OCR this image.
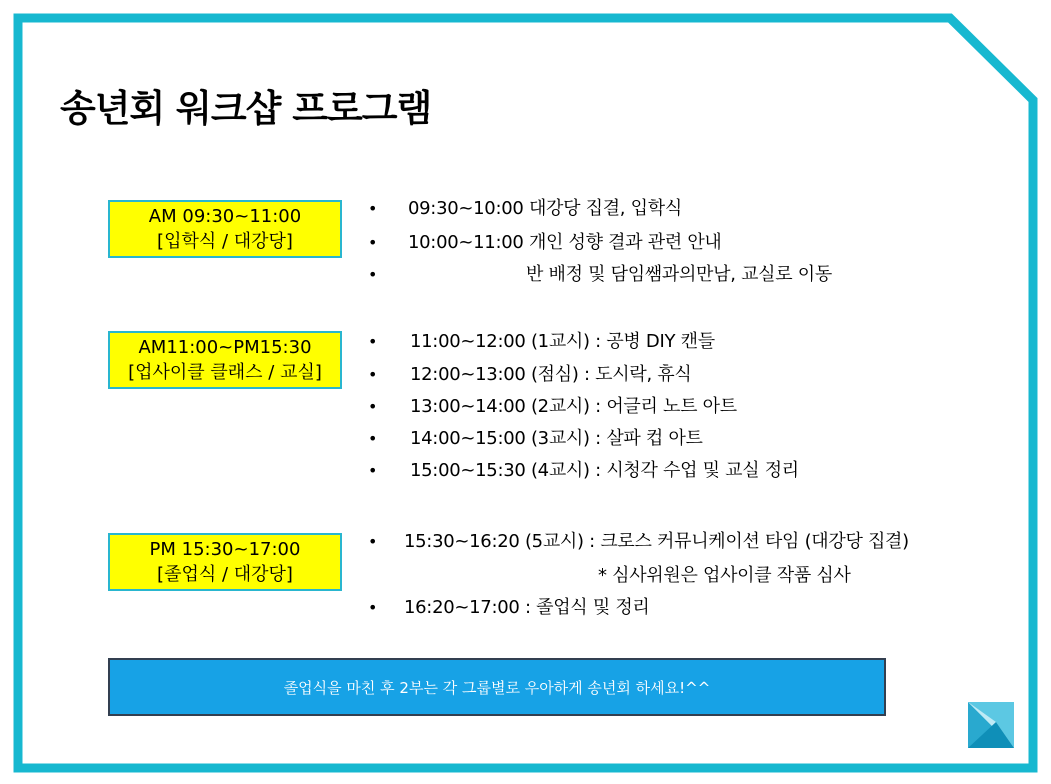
송년회 워크샵 프로그램
AM 09:30~11:00
[입학식 / 대강당]
• 09:30~10:00 대강당 집결, 입학식
• 10:00~11:00 개인 성향 결과 관련 안내
•	반 배정 및 담임쌤과의만남, 교실로 이동
AM11:00~PM15:30
[업사이클 클래스 / 교실]
• 11:00~12:00 (1교시) : 공병 DIY 캔들
• 12:00~13:00 (점심) : 도시락, 휴식
• 13:00~14:00 (2교시) : 어글리 노트 아트
• 14:00~15:00 (3교시) : 살파 컵 아트
• 15:00~15:30 (4교시) : 시청각 수업 및 교실 정리
PM 15:30~17:00
[졸업식 / 대강당]
• 15:30~16:20 (5교시) : 크로스 커뮤니케이션 타임 (대강당 집결)
* 심사위원은 업사이클 작품 심사
• 16:20~17:00 : 졸업식 및 정리
졸업식을 마친 후 2부는 각 그룹별로 우아하게 송년회 하세요!^^
